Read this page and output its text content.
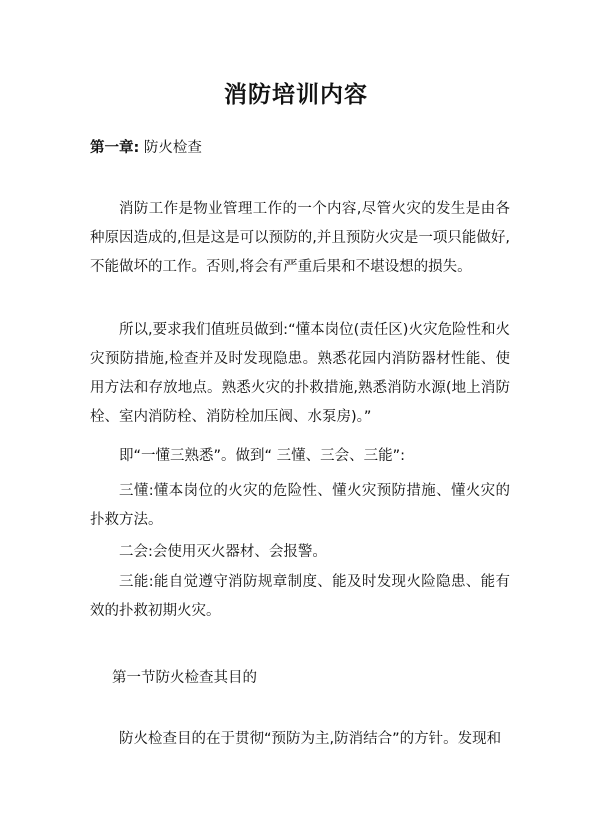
消防培训内容
第一章: 防火检查

消防工作是物业管理工作的一个内容,尽管火灾的发生是由各种原因造成的,但是这是可以预防的,并且预防火灾是一项只能做好,不能做坏的工作。否则,将会有严重后果和不堪设想的损失。

所以,要求我们值班员做到:“懂本岗位(责任区)火灾危险性和火灾预防措施,检查并及时发现隐患。熟悉花园内消防器材性能、使用方法和存放地点。熟悉火灾的扑救措施,熟悉消防水源(地上消防栓、室内消防栓、消防栓加压阀、水泵房)。”

即“一懂三熟悉”。做到“ 三懂、三会、三能”:

三懂:懂本岗位的火灾的危险性、懂火灾预防措施、懂火灾的扑救方法。

二会:会使用灭火器材、会报警。

三能:能自觉遵守消防规章制度、能及时发现火险隐患、能有效的扑救初期火灾。

第一节防火检查其目的
防火检查目的在于贯彻“预防为主,防消结合”的方针。发现和
